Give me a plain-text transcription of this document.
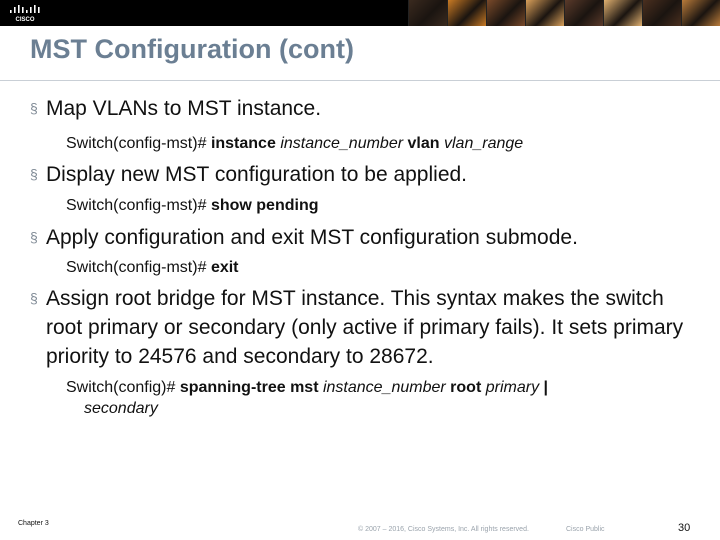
CISCO
MST Configuration (cont)
§ Map VLANs to MST instance.
Switch(config-mst)# instance instance_number vlan vlan_range
§ Display new MST configuration to be applied.
Switch(config-mst)# show pending
§ Apply configuration and exit MST configuration submode.
Switch(config-mst)# exit
§ Assign root bridge for MST instance. This syntax makes the switch root primary or secondary (only active if primary fails). It sets primary priority to 24576 and secondary to 28672.
Switch(config)# spanning-tree mst instance_number root primary |
secondary
Chapter 3
© 2007 – 2016, Cisco Systems, Inc. All rights reserved.	Cisco Public	30
